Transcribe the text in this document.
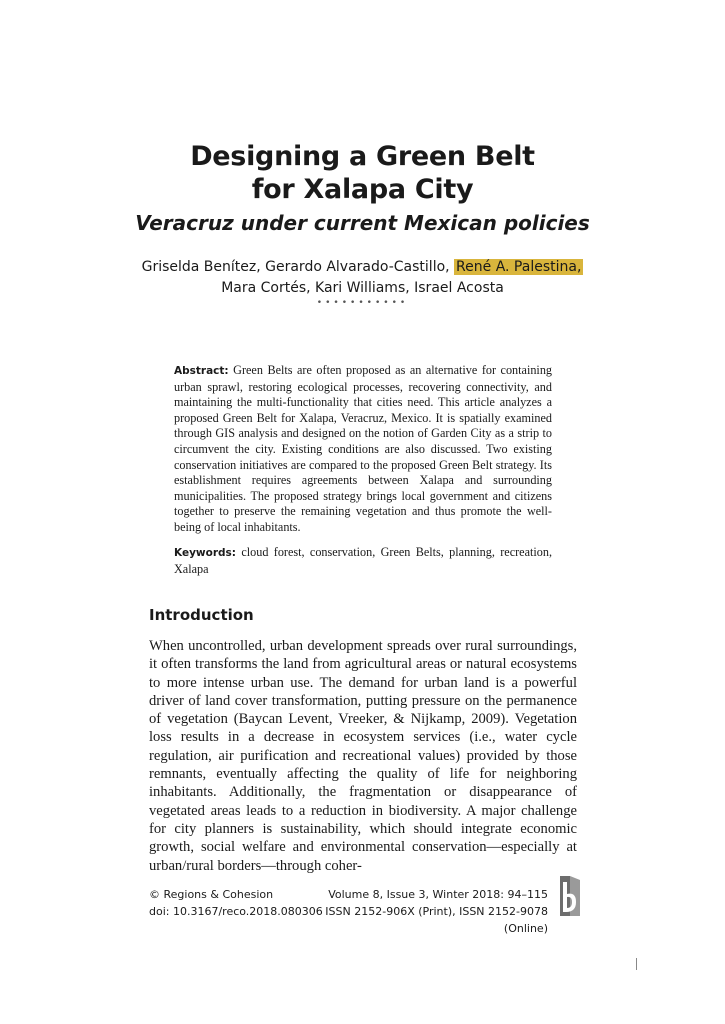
Designing a Green Belt
for Xalapa City
Veracruz under current Mexican policies
Griselda Benítez, Gerardo Alvarado-Castillo, René A. Palestina,
Mara Cortés, Kari Williams, Israel Acosta
•••••••••••
Abstract: Green Belts are often proposed as an alternative for containing urban sprawl, restoring ecological processes, recovering connectivity, and maintaining the multi-functionality that cities need. This article analyzes a proposed Green Belt for Xalapa, Veracruz, Mexico. It is spatially examined through GIS analysis and designed on the notion of Garden City as a strip to circumvent the city. Existing conditions are also discussed. Two existing conservation initiatives are compared to the proposed Green Belt strategy. Its establishment requires agreements between Xalapa and surrounding municipalities. The proposed strategy brings local government and citizens together to preserve the remaining vegetation and thus promote the well-being of local inhabitants.
Keywords: cloud forest, conservation, Green Belts, planning, recreation, Xalapa
Introduction

When uncontrolled, urban development spreads over rural surroundings, it often transforms the land from agricultural areas or natural ecosystems to more intense urban use. The demand for urban land is a powerful driver of land cover transformation, putting pressure on the permanence of vegetation (Baycan Levent, Vreeker, & Nijkamp, 2009). Vegetation loss results in a decrease in ecosystem services (i.e., water cycle regulation, air purification and recreational values) provided by those remnants, eventually affecting the quality of life for neighboring inhabitants. Additionally, the fragmentation or disappearance of vegetated areas leads to a reduction in biodiversity. A major challenge for city planners is sustainability, which should integrate economic growth, social welfare and environmental conservation—especially at urban/rural borders—through coher-

© Regions & Cohesion
doi: 10.3167/reco.2018.080306
Volume 8, Issue 3, Winter 2018: 94–115
ISSN 2152-906X (Print), ISSN 2152-9078 (Online)
